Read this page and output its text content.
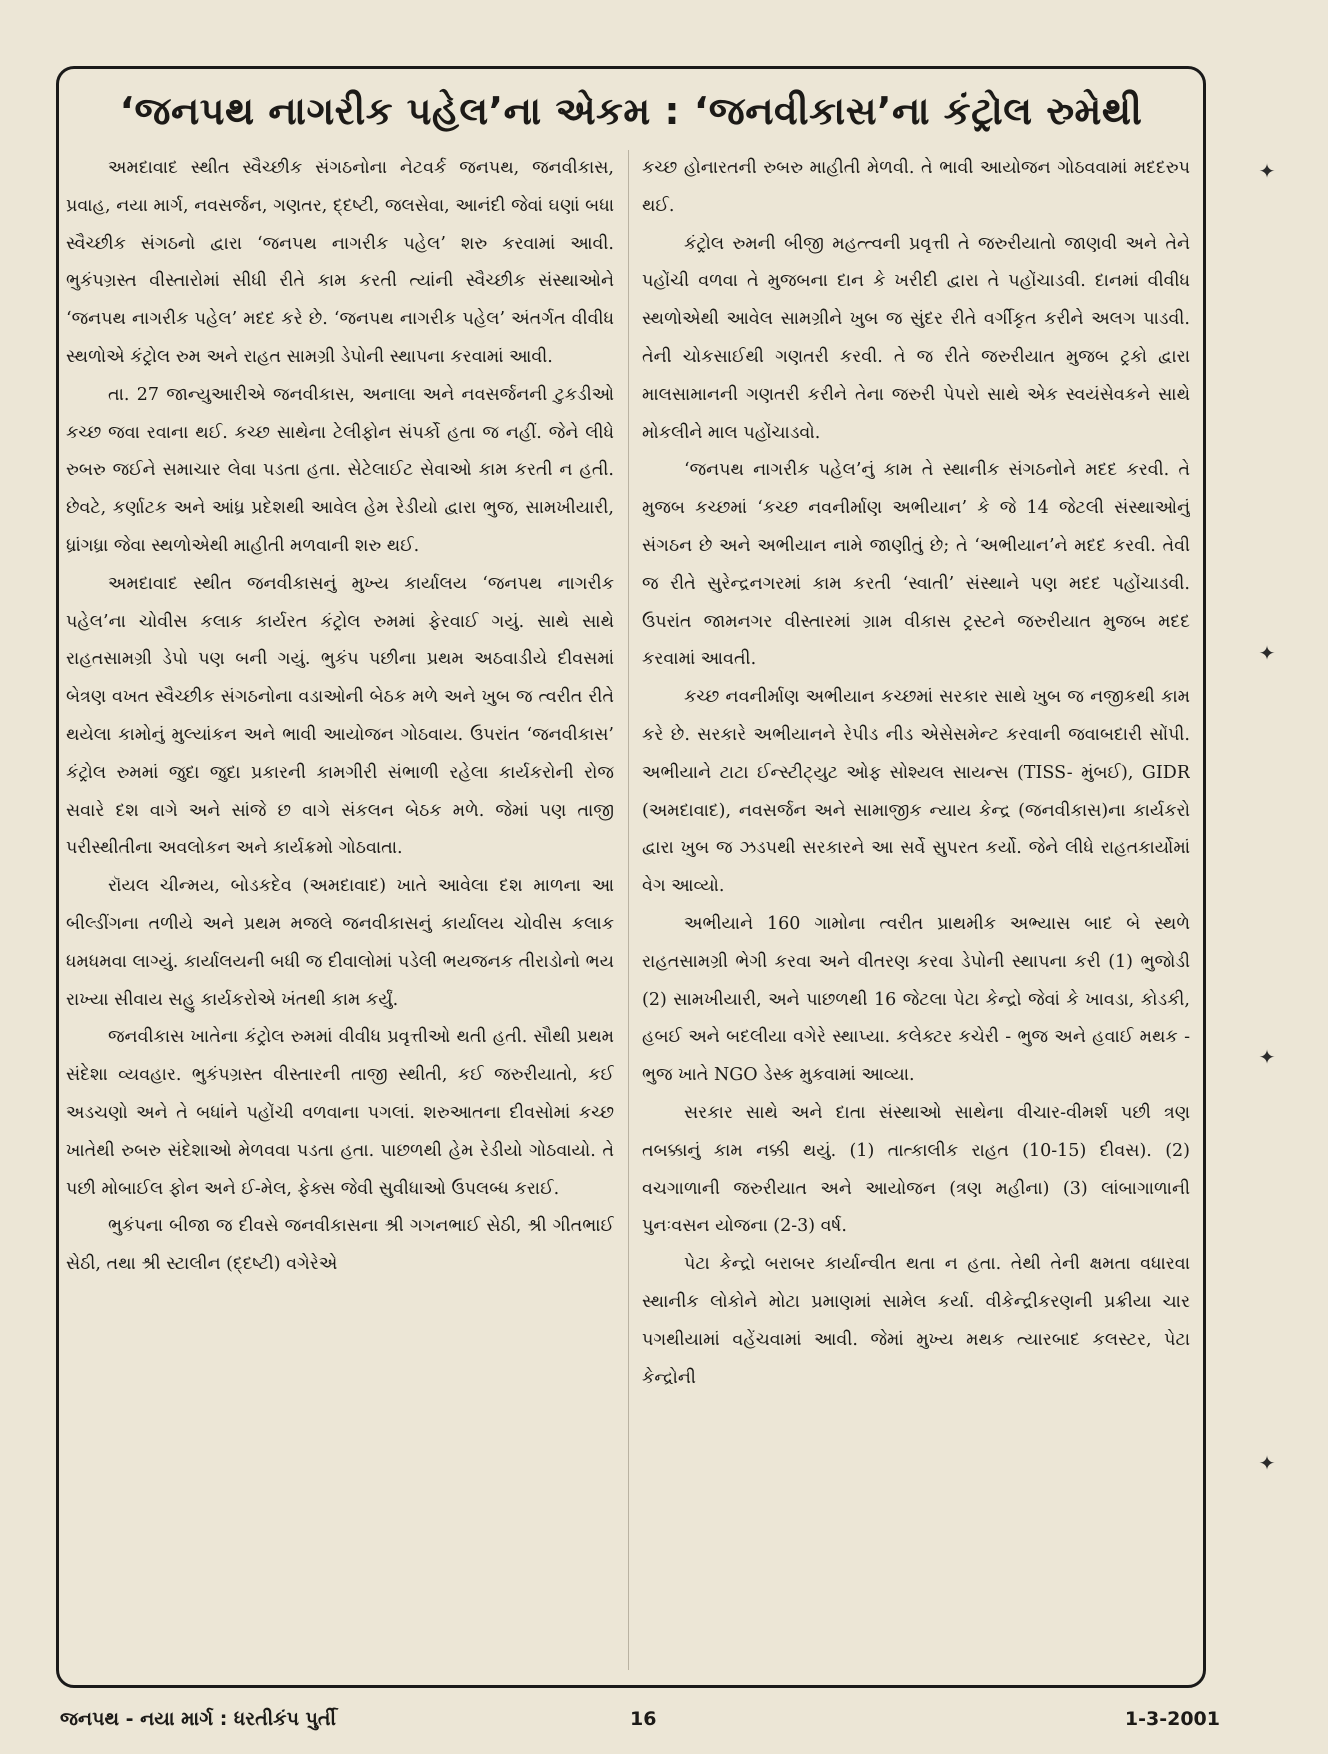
‘જનપથ નાગરીક પહેલ’ના એકમ : ‘જનવીકાસ’ના કંટ્રોલ રુમેથી

અમદાવાદ સ્થીત સ્વૈચ્છીક સંગઠનોના નેટવર્ક જનપથ, જનવીકાસ, પ્રવાહ, નયા માર્ગ, નવસર્જન, ગણતર, દ્દષ્ટી, જલસેવા, આનંદી જેવાં ઘણાં બધા સ્વૈચ્છીક સંગઠનો દ્વારા ‘જનપથ નાગરીક પહેલ’ શરુ કરવામાં આવી. ભુકંપગ્રસ્ત વીસ્તારોમાં સીધી રીતે કામ કરતી ત્યાંની સ્વૈચ્છીક સંસ્થાઓને ‘જનપથ નાગરીક પહેલ’ મદદ કરે છે. ‘જનપથ નાગરીક પહેલ’ અંતર્ગત વીવીધ સ્થળોએ કંટ્રોલ રુમ અને રાહત સામગ્રી ડેપોની સ્થાપના કરવામાં આવી.

તા. 27 જાન્યુઆરીએ જનવીકાસ, અનાલા અને નવસર્જનની ટુકડીઓ કચ્છ જવા રવાના થઈ. કચ્છ સાથેના ટેલીફોન સંપર્કો હતા જ નહીં. જેને લીધે રુબરુ જઈને સમાચાર લેવા પડતા હતા. સેટેલાઈટ સેવાઓ કામ કરતી ન હતી. છેવટે, કર્ણાટક અને આંધ્ર પ્રદેશથી આવેલ હેમ રેડીયો દ્વારા ભુજ, સામખીયારી, ધ્રાંગધ્રા જેવા સ્થળોએથી માહીતી મળવાની શરુ થઈ.

અમદાવાદ સ્થીત જનવીકાસનું મુખ્ય કાર્યાલય ‘જનપથ નાગરીક પહેલ’ના ચોવીસ કલાક કાર્યરત કંટ્રોલ રુમમાં ફેરવાઈ ગયું. સાથે સાથે રાહતસામગ્રી ડેપો પણ બની ગયું. ભુકંપ પછીના પ્રથમ અઠવાડીયે દીવસમાં બેત્રણ વખત સ્વૈચ્છીક સંગઠનોના વડાઓની બેઠક મળે અને ખુબ જ ત્વરીત રીતે થયેલા કામોનું મુલ્યાંકન અને ભાવી આયોજન ગોઠવાય. ઉપરાંત ‘જનવીકાસ’ કંટ્રોલ રુમમાં જુદા જુદા પ્રકારની કામગીરી સંભાળી રહેલા કાર્યકરોની રોજ સવારે દશ વાગે અને સાંજે છ વાગે સંકલન બેઠક મળે. જેમાં પણ તાજી પરીસ્થીતીના અવલોકન અને કાર્યક્રમો ગોઠવાતા.

રૉયલ ચીન્મય, બોડકદેવ (અમદાવાદ) ખાતે આવેલા દશ માળના આ બીલ્ડીંગના તળીયે અને પ્રથમ મજલે જનવીકાસનું કાર્યાલય ચોવીસ કલાક ધમધમવા લાગ્યું. કાર્યાલયની બધી જ દીવાલોમાં પડેલી ભયજનક તીરાડોનો ભય રાખ્યા સીવાય સહુ કાર્યકરોએ ખંતથી કામ કર્યું.

જનવીકાસ ખાતેના કંટ્રોલ રુમમાં વીવીધ પ્રવૃત્તીઓ થતી હતી. સૌથી પ્રથમ સંદેશા વ્યવહાર. ભુકંપગ્રસ્ત વીસ્તારની તાજી સ્થીતી, કઈ જરુરીયાતો, કઈ અડચણો અને તે બધાંને પહોંચી વળવાના પગલાં. શરુઆતના દીવસોમાં કચ્છ ખાતેથી રુબરુ સંદેશાઓ મેળવવા પડતા હતા. પાછળથી હેમ રેડીયો ગોઠવાયો. તે પછી મોબાઈલ ફોન અને ઈ-મેલ, ફેક્સ જેવી સુવીધાઓ ઉપલબ્ધ કરાઈ.

ભુકંપના બીજા જ દીવસે જનવીકાસના શ્રી ગગનભાઈ સેઠી, શ્રી ગીતભાઈ સેઠી, તથા શ્રી સ્ટાલીન (દ્દષ્ટી) વગેરેએ

કચ્છ હોનારતની રુબરુ માહીતી મેળવી. તે ભાવી આયોજન ગોઠવવામાં મદદરુપ થઈ.

કંટ્રોલ રુમની બીજી મહત્ત્વની પ્રવૃત્તી તે જરુરીયાતો જાણવી અને તેને પહોંચી વળવા તે મુજબના દાન કે ખરીદી દ્વારા તે પહોંચાડવી. દાનમાં વીવીધ સ્થળોએથી આવેલ સામગ્રીને ખુબ જ સુંદર રીતે વર્ગીકૃત કરીને અલગ પાડવી. તેની ચોકસાઈથી ગણતરી કરવી. તે જ રીતે જરુરીયાત મુજબ ટ્રકો દ્વારા માલસામાનની ગણતરી કરીને તેના જરુરી પેપરો સાથે એક સ્વયંસેવકને સાથે મોકલીને માલ પહોંચાડવો.

‘જનપથ નાગરીક પહેલ’નું કામ તે સ્થાનીક સંગઠનોને મદદ કરવી. તે મુજબ કચ્છમાં ‘કચ્છ નવનીર્માણ અભીયાન’ કે જે 14 જેટલી સંસ્થાઓનું સંગઠન છે અને અભીયાન નામે જાણીતું છે; તે ‘અભીયાન’ને મદદ કરવી. તેવી જ રીતે સુરેન્દ્રનગરમાં કામ કરતી ‘સ્વાતી’ સંસ્થાને પણ મદદ પહોંચાડવી. ઉપરાંત જામનગર વીસ્તારમાં ગ્રામ વીકાસ ટ્રસ્ટને જરુરીયાત મુજબ મદદ કરવામાં આવતી.

કચ્છ નવનીર્માણ અભીયાન કચ્છમાં સરકાર સાથે ખુબ જ નજીકથી કામ કરે છે. સરકારે અભીયાનને રેપીડ નીડ એસેસમેન્ટ કરવાની જવાબદારી સોંપી. અભીયાને ટાટા ઈન્સ્ટીટ્યુટ ઓફ સોશ્યલ સાયન્સ (TISS- મુંબઈ), GIDR (અમદાવાદ), નવસર્જન અને સામાજીક ન્યાય કેન્દ્ર (જનવીકાસ)ના કાર્યકરો દ્વારા ખુબ જ ઝડપથી સરકારને આ સર્વે સુપરત કર્યો. જેને લીધે રાહતકાર્યોમાં વેગ આવ્યો.

અભીયાને 160 ગામોના ત્વરીત પ્રાથમીક અભ્યાસ બાદ બે સ્થળે રાહતસામગ્રી ભેગી કરવા અને વીતરણ કરવા ડેપોની સ્થાપના કરી (1) ભુજોડી (2) સામખીયારી, અને પાછળથી 16 જેટલા પેટા કેન્દ્રો જેવાં કે ખાવડા, કોડકી, હબઈ અને બદલીયા વગેરે સ્થાપ્યા. કલેક્ટર કચેરી - ભુજ અને હવાઈ મથક - ભુજ ખાતે NGO ડેસ્ક મુકવામાં આવ્યા.

સરકાર સાથે અને દાતા સંસ્થાઓ સાથેના વીચાર-વીમર્શ પછી ત્રણ તબક્કાનું કામ નક્કી થયું. (1) તાત્કાલીક રાહત (10-15) દીવસ). (2) વચગાળાની જરુરીયાત અને આયોજન (ત્રણ મહીના) (3) લાંબાગાળાની પુનઃવસન યોજના (2-3) વર્ષ.

પેટા કેન્દ્રો બરાબર કાર્યાન્વીત થતા ન હતા. તેથી તેની ક્ષમતા વધારવા સ્થાનીક લોકોને મોટા પ્રમાણમાં સામેલ કર્યા. વીકેન્દ્રીકરણની પ્રક્રીયા ચાર પગથીયામાં વહેંચવામાં આવી. જેમાં મુખ્ય મથક ત્યારબાદ કલસ્ટર, પેટા કેન્દ્રોની

✦
✦
✦
✦
જનપથ - નયા માર્ગ : ધરતીકંપ પુર્તી	16	1-3-2001
